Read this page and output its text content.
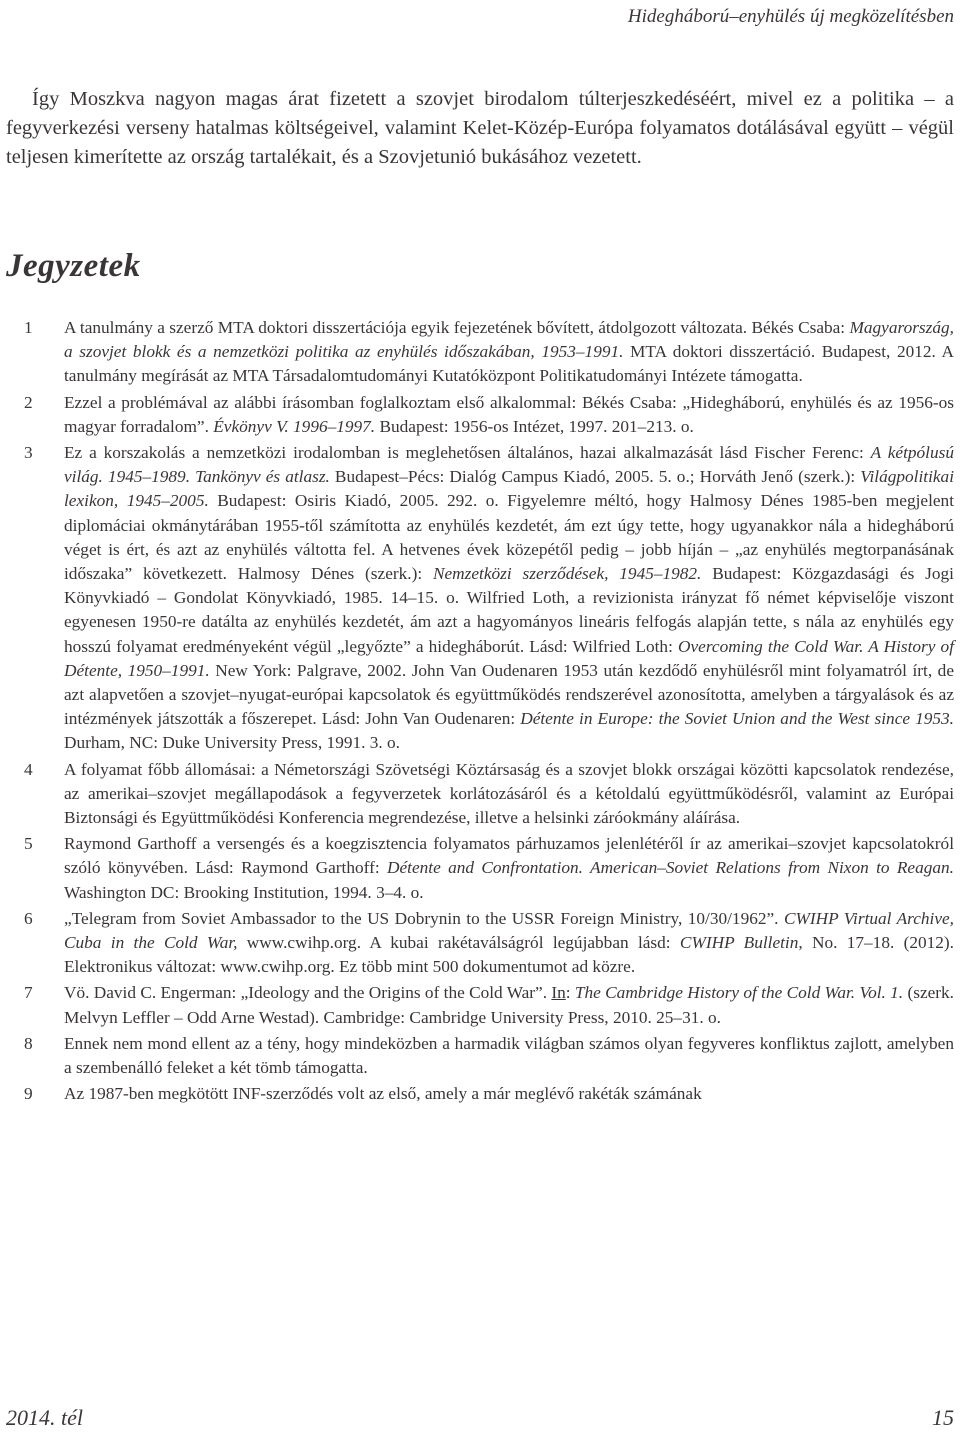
Hidegháború–enyhülés új megközelítésben

Így Moszkva nagyon magas árat fizetett a szovjet birodalom túlterjeszkedéséért, mivel ez a politika – a fegyverkezési verseny hatalmas költségeivel, valamint Kelet-Közép-Európa folyamatos dotálásával együtt – végül teljesen kimerítette az ország tartalékait, és a Szovjetunió bukásához vezetett.

Jegyzetek
1	A tanulmány a szerző MTA doktori disszertációja egyik fejezetének bővített, átdolgozott változata. Békés Csaba: Magyarország, a szovjet blokk és a nemzetközi politika az enyhülés időszakában, 1953–1991. MTA doktori disszertáció. Budapest, 2012. A tanulmány megírását az MTA Társadalomtudományi Kutatóközpont Politikatudományi Intézete támogatta.
2	Ezzel a problémával az alábbi írásomban foglalkoztam első alkalommal: Békés Csaba: „Hidegháború, enyhülés és az 1956-os magyar forradalom”. Évkönyv V. 1996–1997. Budapest: 1956-os Intézet, 1997. 201–213. o.
3	Ez a korszakolás a nemzetközi irodalomban is meglehetősen általános, hazai alkalmazását lásd Fischer Ferenc: A kétpólusú világ. 1945–1989. Tankönyv és atlasz. Budapest–Pécs: Dialóg Campus Kiadó, 2005. 5. o.; Horváth Jenő (szerk.): Világpolitikai lexikon, 1945–2005. Budapest: Osiris Kiadó, 2005. 292. o. Figyelemre méltó, hogy Halmosy Dénes 1985-ben megjelent diplomáciai okmánytárában 1955-től számította az enyhülés kezdetét, ám ezt úgy tette, hogy ugyanakkor nála a hidegháború véget is ért, és azt az enyhülés váltotta fel. A hetvenes évek közepétől pedig – jobb híján – „az enyhülés megtorpanásának időszaka” következett. Halmosy Dénes (szerk.): Nemzetközi szerződések, 1945–1982. Budapest: Közgazdasági és Jogi Könyvkiadó – Gondolat Könyvkiadó, 1985. 14–15. o. Wilfried Loth, a revizionista irányzat fő német képviselője viszont egyenesen 1950-re datálta az enyhülés kezdetét, ám azt a hagyományos lineáris felfogás alapján tette, s nála az enyhülés egy hosszú folyamat eredményeként végül „legyőzte” a hidegháborút. Lásd: Wilfried Loth: Overcoming the Cold War. A History of Détente, 1950–1991. New York: Palgrave, 2002. John Van Oudenaren 1953 után kezdődő enyhülésről mint folyamatról írt, de azt alapvetően a szovjet–nyugat-európai kapcsolatok és együttműködés rendszerével azonosította, amelyben a tárgyalások és az intézmények játszották a főszerepet. Lásd: John Van Oudenaren: Détente in Europe: the Soviet Union and the West since 1953. Durham, NC: Duke University Press, 1991. 3. o.
4	A folyamat főbb állomásai: a Németországi Szövetségi Köztársaság és a szovjet blokk országai közötti kapcsolatok rendezése, az amerikai–szovjet megállapodások a fegyverzetek korlátozásáról és a kétoldalú együttműködésről, valamint az Európai Biztonsági és Együttműködési Konferencia megrendezése, illetve a helsinki záróokmány aláírása.
5	Raymond Garthoff a versengés és a koegzisztencia folyamatos párhuzamos jelenlétéről ír az amerikai–szovjet kapcsolatokról szóló könyvében. Lásd: Raymond Garthoff: Détente and Confrontation. American–Soviet Relations from Nixon to Reagan. Washington DC: Brooking Institution, 1994. 3–4. o.
6	„Telegram from Soviet Ambassador to the US Dobrynin to the USSR Foreign Ministry, 10/30/1962”. CWIHP Virtual Archive, Cuba in the Cold War, www.cwihp.org. A kubai rakétaválságról legújabban lásd: CWIHP Bulletin, No. 17–18. (2012). Elektronikus változat: www.cwihp.org. Ez több mint 500 dokumentumot ad közre.
7	Vö. David C. Engerman: „Ideology and the Origins of the Cold War”. In: The Cambridge History of the Cold War. Vol. 1. (szerk. Melvyn Leffler – Odd Arne Westad). Cambridge: Cambridge University Press, 2010. 25–31. o.
8	Ennek nem mond ellent az a tény, hogy mindeközben a harmadik világban számos olyan fegyveres konfliktus zajlott, amelyben a szembenálló feleket a két tömb támogatta.
9	Az 1987-ben megkötött INF-szerződés volt az első, amely a már meglévő rakéták számának
2014. tél	15
